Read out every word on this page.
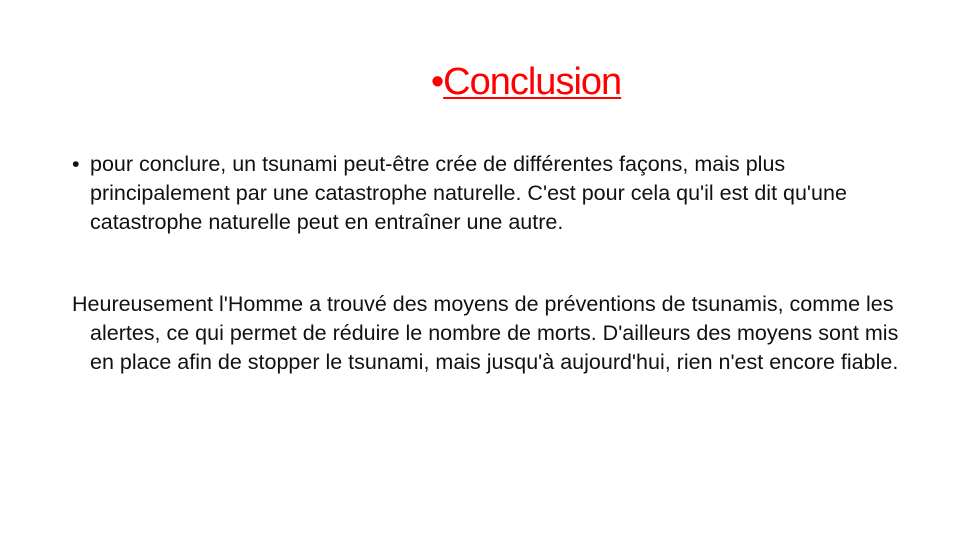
•Conclusion
• pour conclure, un tsunami peut-être crée de différentes façons, mais plus principalement par une catastrophe naturelle. C'est pour cela qu'il est dit qu'une catastrophe naturelle peut en entraîner une autre.
Heureusement l'Homme a trouvé des moyens de préventions de tsunamis, comme les alertes, ce qui permet de réduire le nombre de morts. D'ailleurs des moyens sont mis en place afin de stopper le tsunami, mais jusqu'à aujourd'hui, rien n'est encore fiable.
